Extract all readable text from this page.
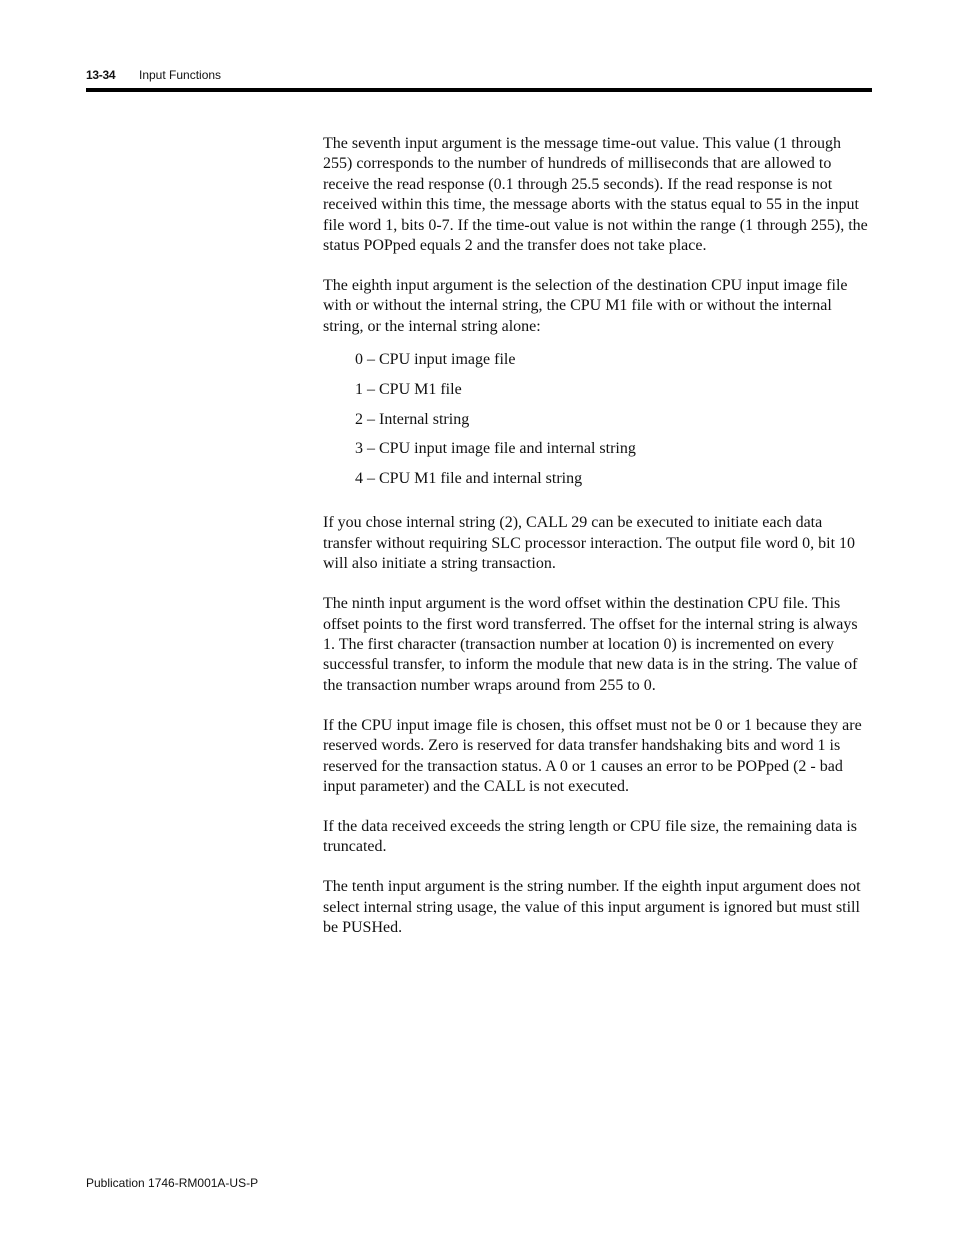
13-34 Input Functions

The seventh input argument is the message time-out value. This value (1 through 255) corresponds to the number of hundreds of milliseconds that are allowed to receive the read response (0.1 through 25.5 seconds). If the read response is not received within this time, the message aborts with the status equal to 55 in the input file word 1, bits 0-7. If the time-out value is not within the range (1 through 255), the status POPped equals 2 and the transfer does not take place.

The eighth input argument is the selection of the destination CPU input image file with or without the internal string, the CPU M1 file with or without the internal string, or the internal string alone:

0 – CPU input image file
1 – CPU M1 file
2 – Internal string
3 – CPU input image file and internal string
4 – CPU M1 file and internal string

If you chose internal string (2), CALL 29 can be executed to initiate each data transfer without requiring SLC processor interaction. The output file word 0, bit 10 will also initiate a string transaction.

The ninth input argument is the word offset within the destination CPU file. This offset points to the first word transferred. The offset for the internal string is always 1. The first character (transaction number at location 0) is incremented on every successful transfer, to inform the module that new data is in the string. The value of the transaction number wraps around from 255 to 0.

If the CPU input image file is chosen, this offset must not be 0 or 1 because they are reserved words. Zero is reserved for data transfer handshaking bits and word 1 is reserved for the transaction status. A 0 or 1 causes an error to be POPped (2 - bad input parameter) and the CALL is not executed.

If the data received exceeds the string length or CPU file size, the remaining data is truncated.

The tenth input argument is the string number. If the eighth input argument does not select internal string usage, the value of this input argument is ignored but must still be PUSHed.

Publication 1746-RM001A-US-P
